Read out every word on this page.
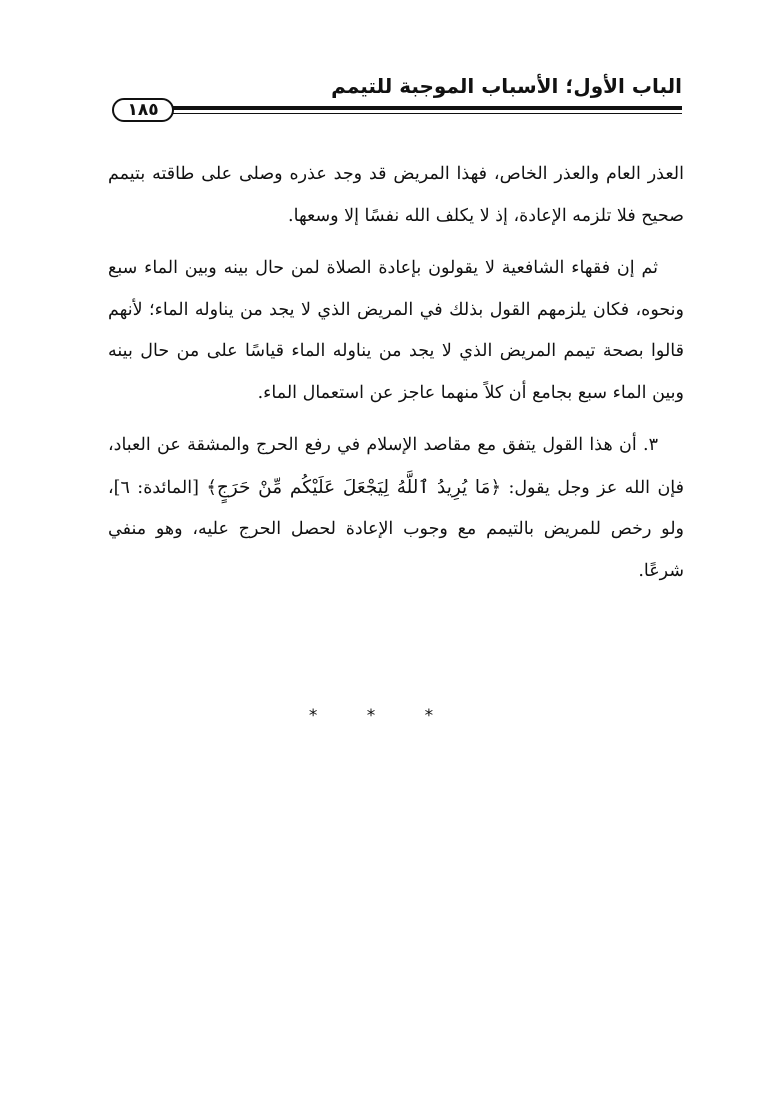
الباب الأول؛ الأسباب الموجبة للتيمم
١٨٥

العذر العام والعذر الخاص، فهذا المريض قد وجد عذره وصلى على طاقته بتيمم صحيح فلا تلزمه الإعادة، إذ لا يكلف الله نفسًا إلا وسعها.

ثم إن فقهاء الشافعية لا يقولون بإعادة الصلاة لمن حال بينه وبين الماء سبع ونحوه، فكان يلزمهم القول بذلك في المريض الذي لا يجد من يناوله الماء؛ لأنهم قالوا بصحة تيمم المريض الذي لا يجد من يناوله الماء قياسًا على من حال بينه وبين الماء سبع بجامع أن كلاً منهما عاجز عن استعمال الماء.

٣. أن هذا القول يتفق مع مقاصد الإسلام في رفع الحرج والمشقة عن العباد، فإن الله عز وجل يقول: ﴿مَا يُرِيدُ ٱللَّهُ لِيَجْعَلَ عَلَيْكُم مِّنْ حَرَجٍ﴾ [المائدة: ٦]، ولو رخص للمريض بالتيمم مع وجوب الإعادة لحصل الحرج عليه، وهو منفي شرعًا.

* * *
